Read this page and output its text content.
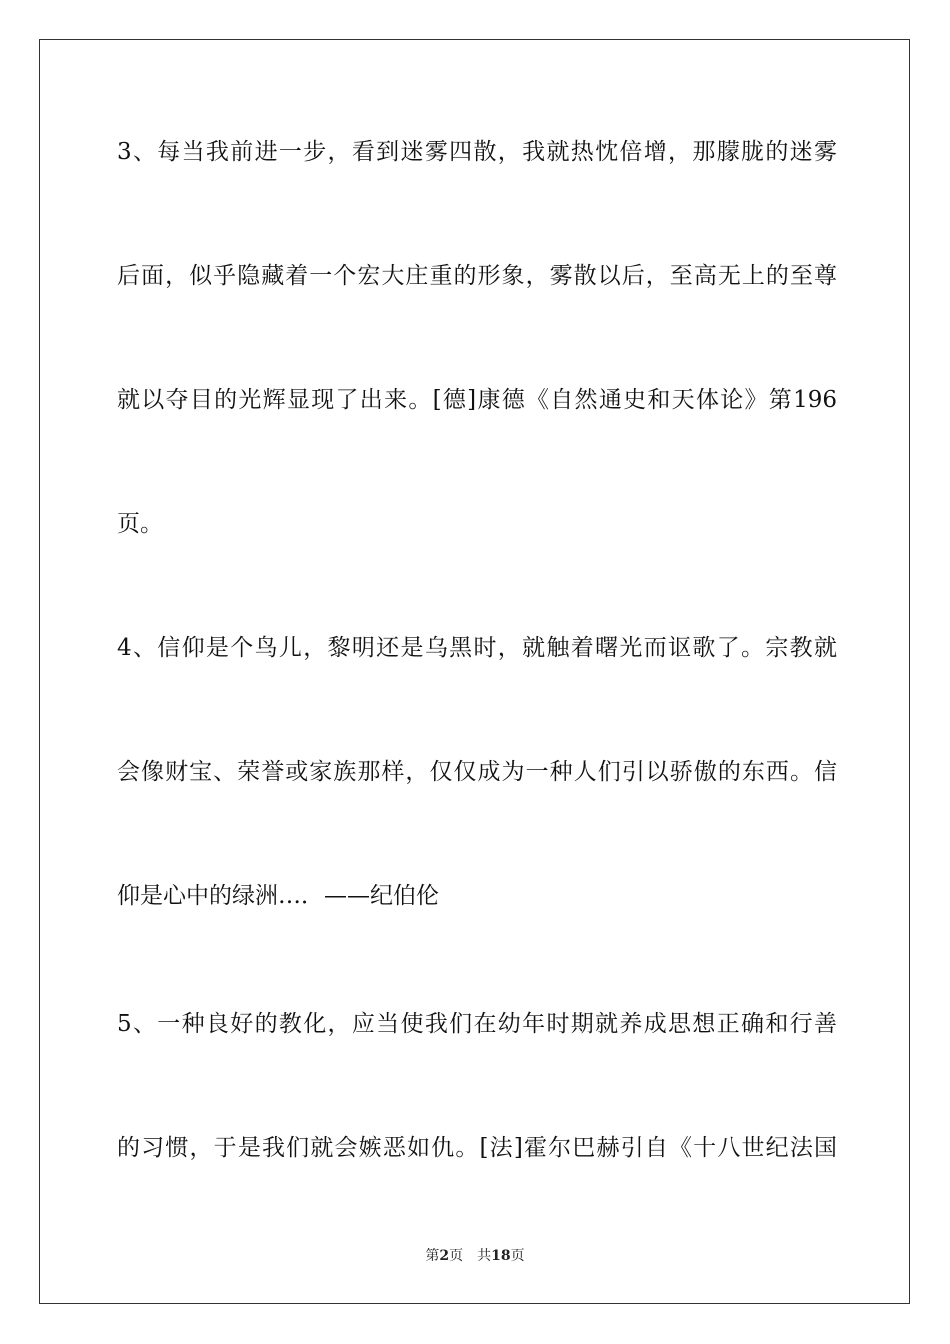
3、每当我前进一步，看到迷雾四散，我就热忱倍增，那朦胧的迷雾
后面，似乎隐藏着一个宏大庄重的形象，雾散以后，至高无上的至尊
就以夺目的光辉显现了出来。[德]康德《自然通史和天体论》第196
页。
4、信仰是个鸟儿，黎明还是乌黑时，就触着曙光而讴歌了。宗教就
会像财宝、荣誉或家族那样，仅仅成为一种人们引以骄傲的东西。信
仰是心中的绿洲…．——纪伯伦
5、一种良好的教化，应当使我们在幼年时期就养成思想正确和行善
的习惯，于是我们就会嫉恶如仇。[法]霍尔巴赫引自《十八世纪法国
第2页　共18页
